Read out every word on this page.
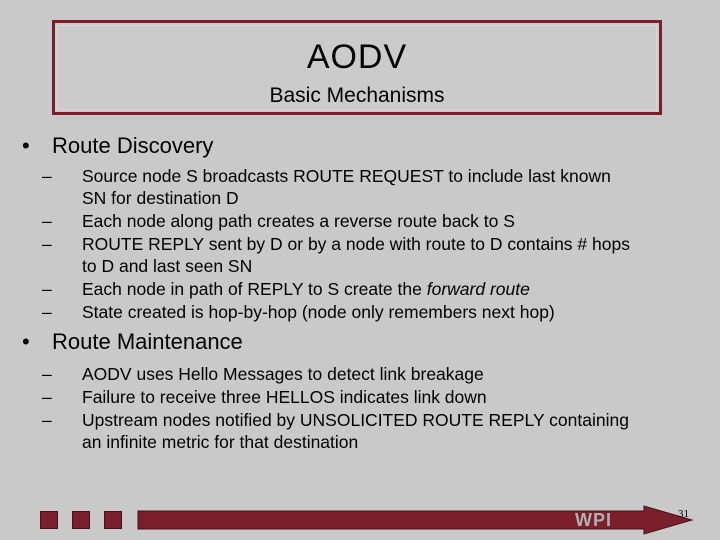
AODV
Basic Mechanisms
• Route Discovery
– Source node S broadcasts ROUTE REQUEST to include last known
SN for destination D
– Each node along path creates a reverse route back to S
– ROUTE REPLY sent by D or by a node with route to D contains # hops
to D and last seen SN
– Each node in path of REPLY to S create the forward route
– State created is hop-by-hop (node only remembers next hop)
• Route Maintenance
– AODV uses Hello Messages to detect link breakage
– Failure to receive three HELLOS indicates link down
– Upstream nodes notified by UNSOLICITED ROUTE REPLY containing
an infinite metric for that destination
WPI	31
